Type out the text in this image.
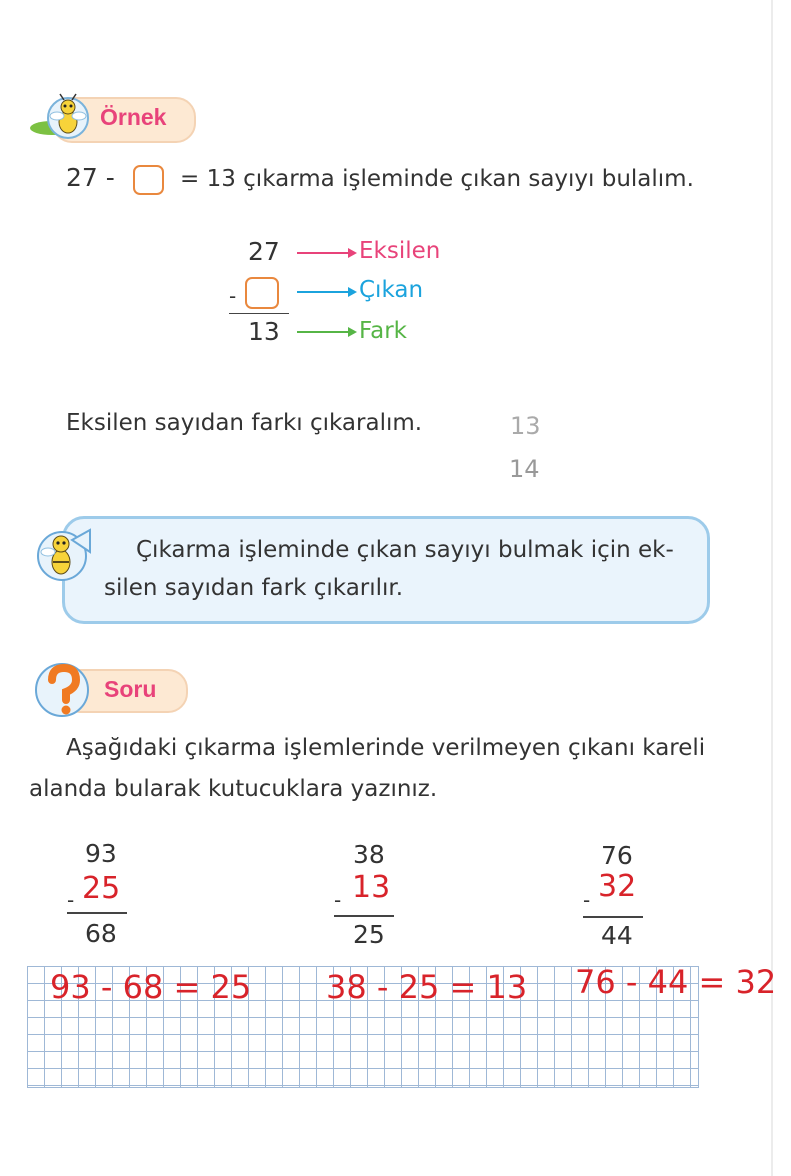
Örnek
27 -	= 13 çıkarma işleminde çıkan sayıyı bulalım.
27
-
13
Eksilen
Çıkan
Fark
Eksilen sayıdan farkı çıkaralım.	13
14
Çıkarma işleminde çıkan sayıyı bulmak için ek-
silen sayıdan fark çıkarılır.
Soru
Aşağıdaki çıkarma işlemlerinde verilmeyen çıkanı kareli
alanda bularak kutucuklara yazınız.
93
25
-
68
38
13
-
25
76
32
-
44
93 - 68 = 25 38 - 25 = 13 76 - 44 = 32
